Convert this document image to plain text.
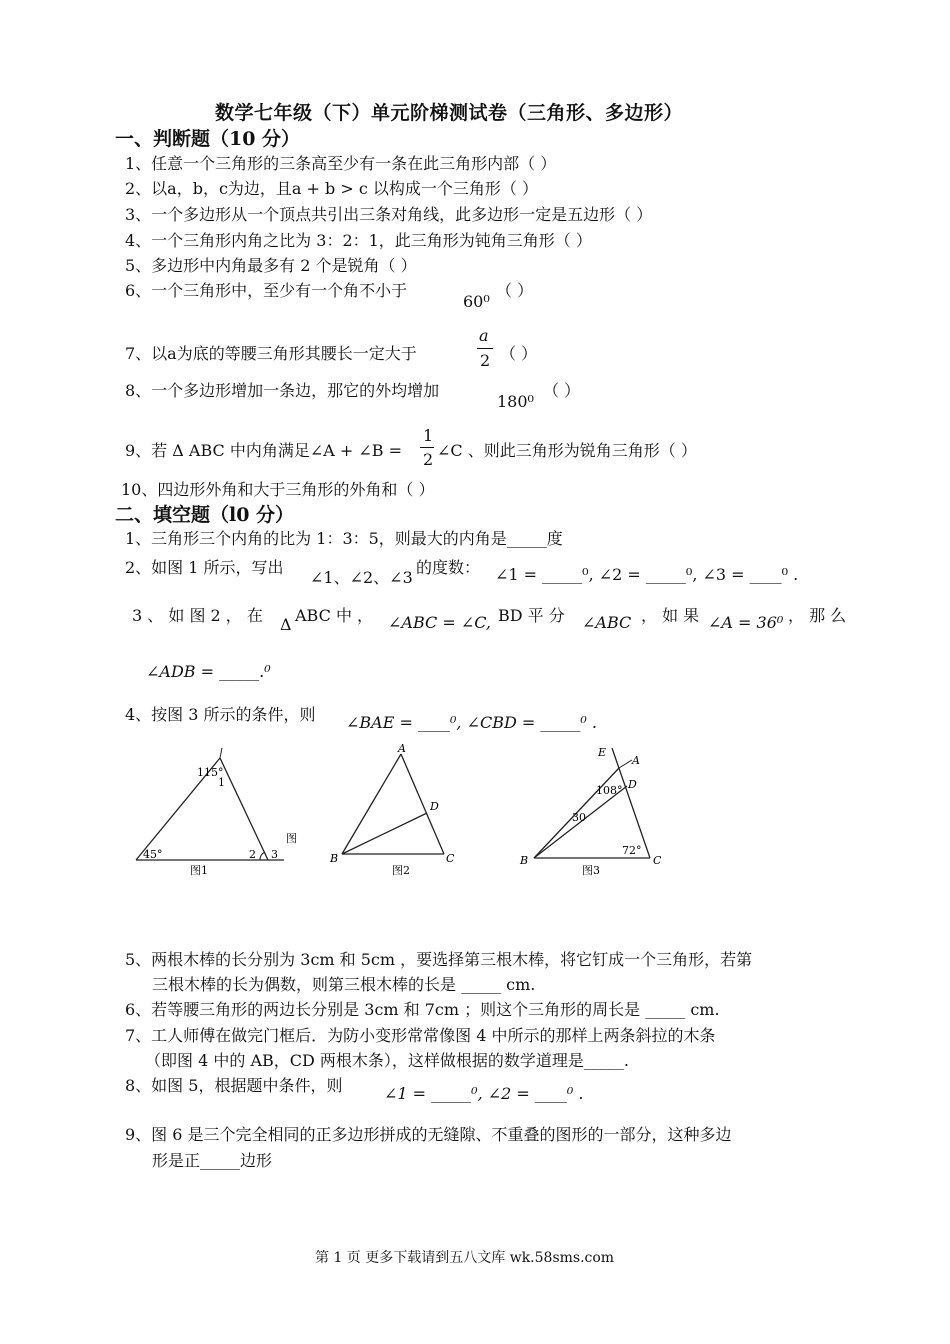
数学七年级（下）单元阶梯测试卷（三角形、多边形）
一、判断题（10 分）
1、任意一个三角形的三条高至少有一条在此三角形内部（ ）
2、以a，b，c为边，且a + b > c 以构成一个三角形（ ）
3、一个多边形从一个顶点共引出三条对角线，此多边形一定是五边形（ ）
4、一个三角形内角之比为 3：2：1，此三角形为钝角三角形（ ）
5、多边形中内角最多有 2 个是锐角（ ）
6、一个三角形中，至少有一个角不小于
60⁰
（ ）
7、以a为底的等腰三角形其腰长一定大于
a
2 （ ）
8、一个多边形增加一条边，那它的外均增加
180⁰
（ ）
9、若 Δ ABC 中内角满足∠A + ∠B =
1
2 ∠C 、则此三角形为锐角三角形（ ）
10、四边形外角和大于三角形的外角和（ ）
二、填空题（l0 分）
1、三角形三个内角的比为 1：3：5，则最大的内角是_____度
2、如图 1 所示，写出
∠1、∠2、∠3
的度数： ∠1 = _____⁰, ∠2 = _____⁰, ∠3 = ____⁰ .
3 、 如 图 2 ， 在 Δ ABC 中 ， ∠ABC = ∠C, BD 平 分 ∠ABC ， 如 果 ∠A = 36⁰ ， 那 么
∠ADB = _____.⁰
4、按图 3 所示的条件，则 ∠BAE = ____⁰, ∠CBD = _____⁰ .
115°
1
2 3
45°
图
图1
A
B	C
D
图2
E
A
D
108°
30
72°
B	C
图3
5、两根木棒的长分别为 3cm 和 5cm ，要选择第三根木棒，将它钉成一个三角形，若第
三根木棒的长为偶数，则第三根木棒的长是 _____ cm.
6、若等腰三角形的两边长分别是 3cm 和 7cm ；则这个三角形的周长是 _____ cm.
7、工人师傅在做完门框后．为防小变形常常像图 4 中所示的那样上两条斜拉的木条
（即图 4 中的 AB，CD 两根木条），这样做根据的数学道理是_____.
8、如图 5，根据题中条件，则	∠1 = _____⁰, ∠2 = ____⁰ .
9、图 6 是三个完全相同的正多边形拼成的无缝隙、不重叠的图形的一部分，这种多边
形是正_____边形
第 1 页 更多下载请到五八文库 wk.58sms.com
